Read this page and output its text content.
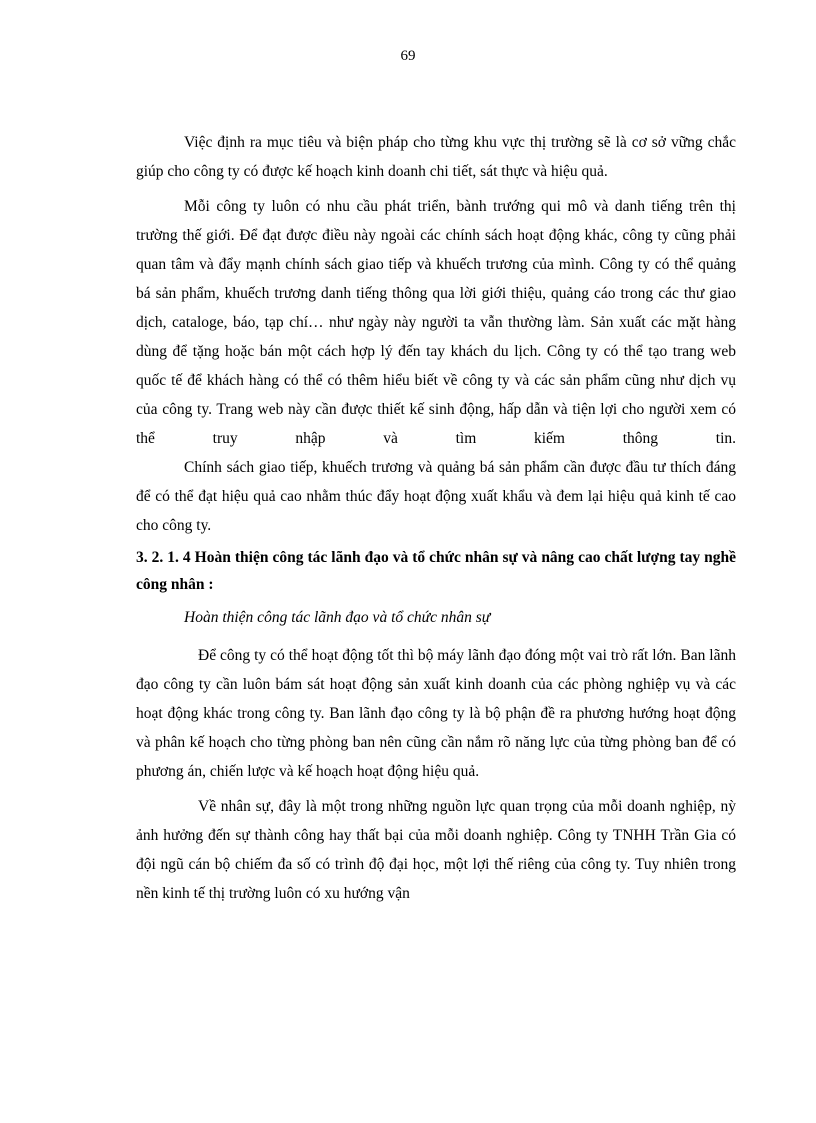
69

Việc định ra mục tiêu và biện pháp cho từng khu vực thị trường sẽ là cơ sở vững chắc giúp cho công ty có được kế hoạch kinh doanh chi tiết, sát thực và hiệu quả.

Mỗi công ty luôn có nhu cầu phát triển, bành trướng qui mô và danh tiếng trên thị trường thế giới. Để đạt được điều này ngoài các chính sách hoạt động khác, công ty cũng phải quan tâm và đẩy mạnh chính sách giao tiếp và khuếch trương của mình. Công ty có thể quảng bá sản phẩm, khuếch trương danh tiếng thông qua lời giới thiệu, quảng cáo trong các thư giao dịch, cataloge, báo, tạp chí… như ngày này người ta vẫn thường làm. Sản xuất các mặt hàng dùng để tặng hoặc bán một cách hợp lý đến tay khách du lịch. Công ty có thể tạo trang web quốc tế để khách hàng có thể có thêm hiểu biết về công ty và các sản phẩm cũng như dịch vụ của công ty. Trang web này cần được thiết kế sinh động, hấp dẫn và tiện lợi cho người xem có thể truy nhập và tìm kiếm thông tin.

Chính sách giao tiếp, khuếch trương và quảng bá sản phẩm cần được đầu tư thích đáng để có thể đạt hiệu quả cao nhằm thúc đẩy hoạt động xuất khẩu và đem lại hiệu quả kinh tế cao cho công ty.

3. 2. 1. 4 Hoàn thiện công tác lãnh đạo và tổ chức nhân sự và nâng cao chất lượng tay nghề công nhân :

Hoàn thiện công tác lãnh đạo và tổ chức nhân sự

Để công ty có thể hoạt động tốt thì bộ máy lãnh đạo đóng một vai trò rất lớn. Ban lãnh đạo công ty cần luôn bám sát hoạt động sản xuất kinh doanh của các phòng nghiệp vụ và các hoạt động khác trong công ty. Ban lãnh đạo công ty là bộ phận đề ra phương hướng hoạt động và phân kế hoạch cho từng phòng ban nên cũng cần nắm rõ năng lực của từng phòng ban để có phương án, chiến lược và kế hoạch hoạt động hiệu quả.

Về nhân sự, đây là một trong những nguồn lực quan trọng của mỗi doanh nghiệp, nỳ ảnh hưởng đến sự thành công hay thất bại của mỗi doanh nghiệp. Công ty TNHH Trần Gia có đội ngũ cán bộ chiếm đa số có trình độ đại học, một lợi thế riêng của công ty. Tuy nhiên trong nền kinh tế thị trường luôn có xu hướng vận
